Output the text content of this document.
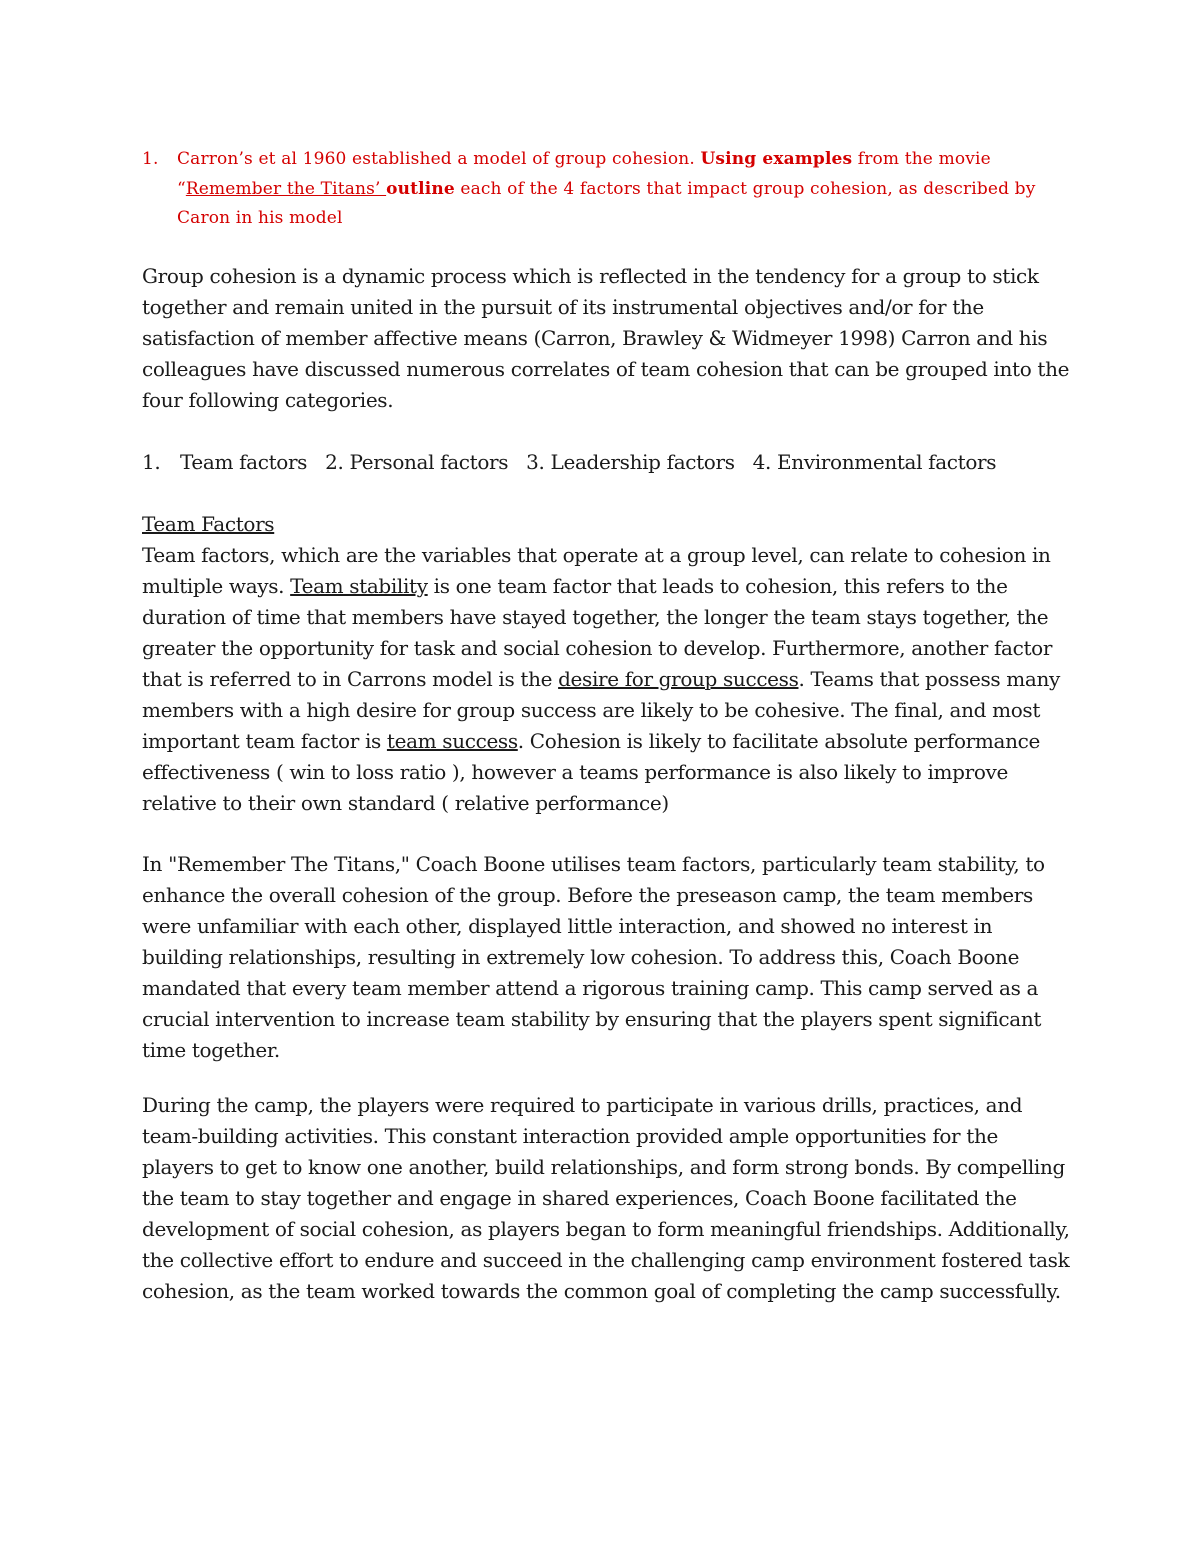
1. Carron’s et al 1960 established a model of group cohesion. Using examples from the movie “Remember the Titans’ outline each of the 4 factors that impact group cohesion, as described by Caron in his model

Group cohesion is a dynamic process which is reflected in the tendency for a group to stick together and remain united in the pursuit of its instrumental objectives and/or for the satisfaction of member affective means (Carron, Brawley & Widmeyer 1998) Carron and his colleagues have discussed numerous correlates of team cohesion that can be grouped into the four following categories.

1. Team factors 2. Personal factors 3. Leadership factors 4. Environmental factors

Team Factors

Team factors, which are the variables that operate at a group level, can relate to cohesion in multiple ways. Team stability is one team factor that leads to cohesion, this refers to the duration of time that members have stayed together, the longer the team stays together, the greater the opportunity for task and social cohesion to develop. Furthermore, another factor that is referred to in Carrons model is the desire for group success. Teams that possess many members with a high desire for group success are likely to be cohesive. The final, and most important team factor is team success. Cohesion is likely to facilitate absolute performance effectiveness ( win to loss ratio ), however a teams performance is also likely to improve relative to their own standard ( relative performance)

In "Remember The Titans," Coach Boone utilises team factors, particularly team stability, to enhance the overall cohesion of the group. Before the preseason camp, the team members were unfamiliar with each other, displayed little interaction, and showed no interest in building relationships, resulting in extremely low cohesion. To address this, Coach Boone mandated that every team member attend a rigorous training camp. This camp served as a crucial intervention to increase team stability by ensuring that the players spent significant time together.

During the camp, the players were required to participate in various drills, practices, and team-building activities. This constant interaction provided ample opportunities for the players to get to know one another, build relationships, and form strong bonds. By compelling the team to stay together and engage in shared experiences, Coach Boone facilitated the development of social cohesion, as players began to form meaningful friendships. Additionally, the collective effort to endure and succeed in the challenging camp environment fostered task cohesion, as the team worked towards the common goal of completing the camp successfully.
